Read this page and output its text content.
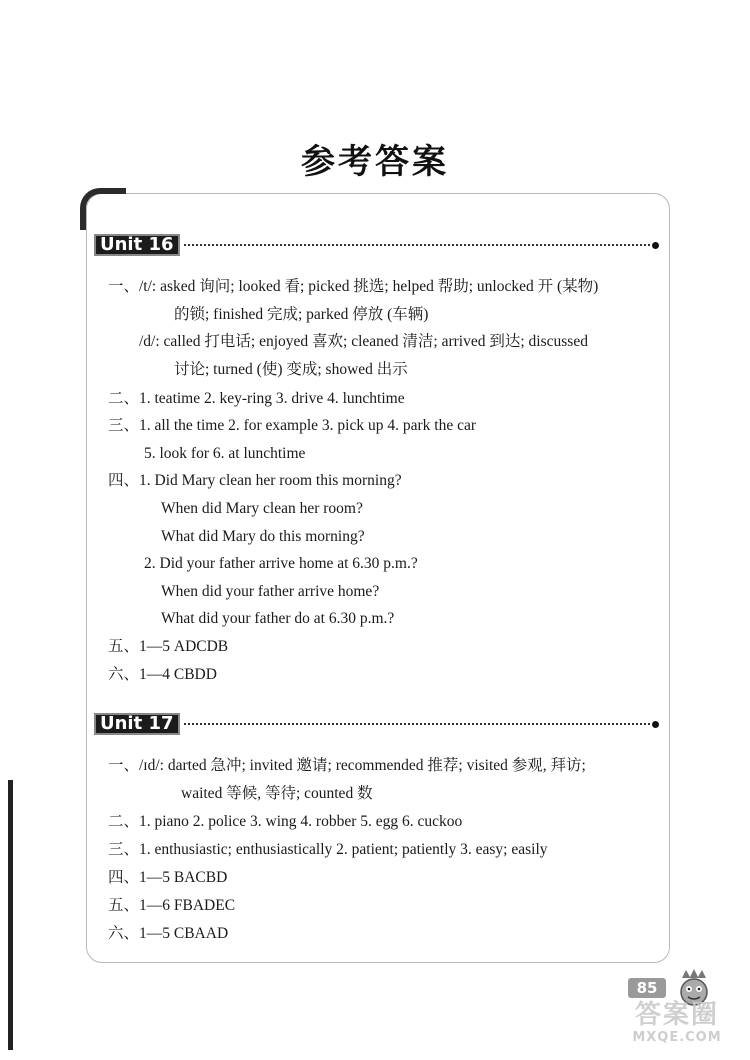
参考答案
Unit 16
一、/t/: asked 询问; looked 看; picked 挑选; helped 帮助; unlocked 开 (某物)
的锁; finished 完成; parked 停放 (车辆)
/d/: called 打电话; enjoyed 喜欢; cleaned 清洁; arrived 到达; discussed
讨论; turned (使) 变成; showed 出示
二、1. teatime 2. key-ring 3. drive 4. lunchtime
三、1. all the time 2. for example 3. pick up 4. park the car
5. look for 6. at lunchtime
四、1. Did Mary clean her room this morning?
When did Mary clean her room?
What did Mary do this morning?
2. Did your father arrive home at 6.30 p.m.?
When did your father arrive home?
What did your father do at 6.30 p.m.?
五、1—5 ADCDB
六、1—4 CBDD
Unit 17
一、/ɪd/: darted 急冲; invited 邀请; recommended 推荐; visited 参观, 拜访;
waited 等候, 等待; counted 数
二、1. piano 2. police 3. wing 4. robber 5. egg 6. cuckoo
三、1. enthusiastic; enthusiastically 2. patient; patiently 3. easy; easily
四、1—5 BACBD
五、1—6 FBADEC
六、1—5 CBAAD
85
答案圈
MXQE.COM
